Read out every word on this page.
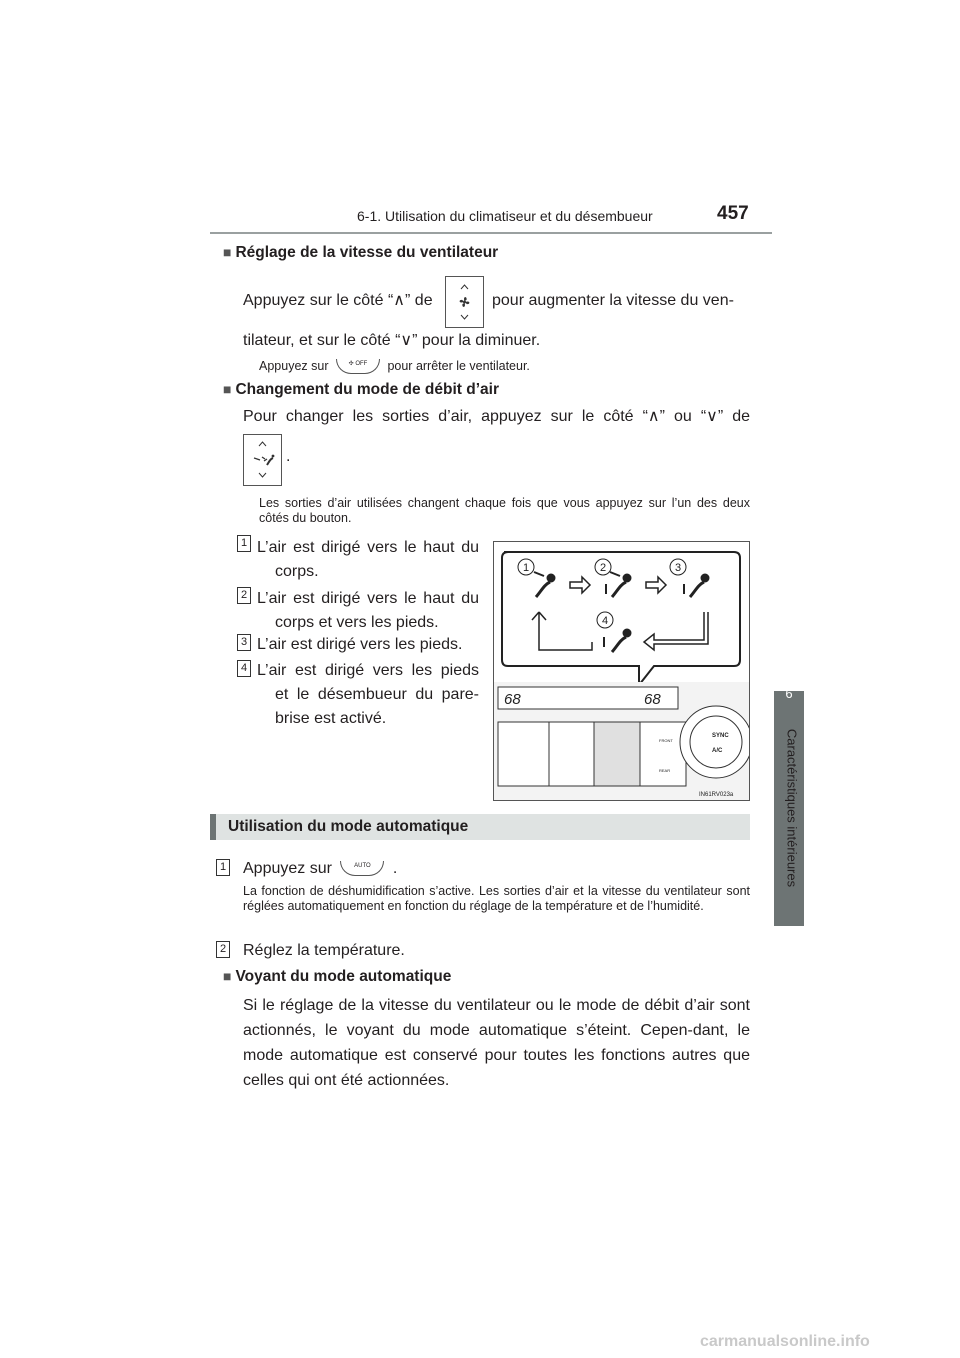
6-1. Utilisation du climatiseur et du désembueur	457
6
Caractéristiques intérieures
■ Réglage de la vitesse du ventilateur
Appuyez sur le côté “∧” de	pour augmenter la vitesse du ven-
tilateur, et sur le côté “∨” pour la diminuer.
Appuyez sur	✣ OFF pour arrêter le ventilateur.
■ Changement du mode de débit d’air
Pour changer les sorties d’air, appuyez sur le côté “∧” ou “∨” de
.
Les sorties d’air utilisées changent chaque fois que vous appuyez sur l’un des deux côtés du bouton.
1 L’air est dirigé vers le haut du
corps.
2 L’air est dirigé vers le haut du
corps et vers les pieds.
3 L’air est dirigé vers les pieds.
4 L’air est dirigé vers les pieds
et le désembueur du pare-
brise est activé.
68	68
SYNC
A/C
FRONT
REAR
IN61RV023a
1	2	3
4
Utilisation du mode automatique
1 Appuyez sur	AUTO .
La fonction de déshumidification s’active. Les sorties d’air et la vitesse du ventilateur sont réglées automatiquement en fonction du réglage de la température et de l’humidité.
2 Réglez la température.
■ Voyant du mode automatique
Si le réglage de la vitesse du ventilateur ou le mode de débit d’air sont actionnés, le voyant du mode automatique s’éteint. Cepen-dant, le mode automatique est conservé pour toutes les fonctions autres que celles qui ont été actionnées.
carmanualsonline.info
